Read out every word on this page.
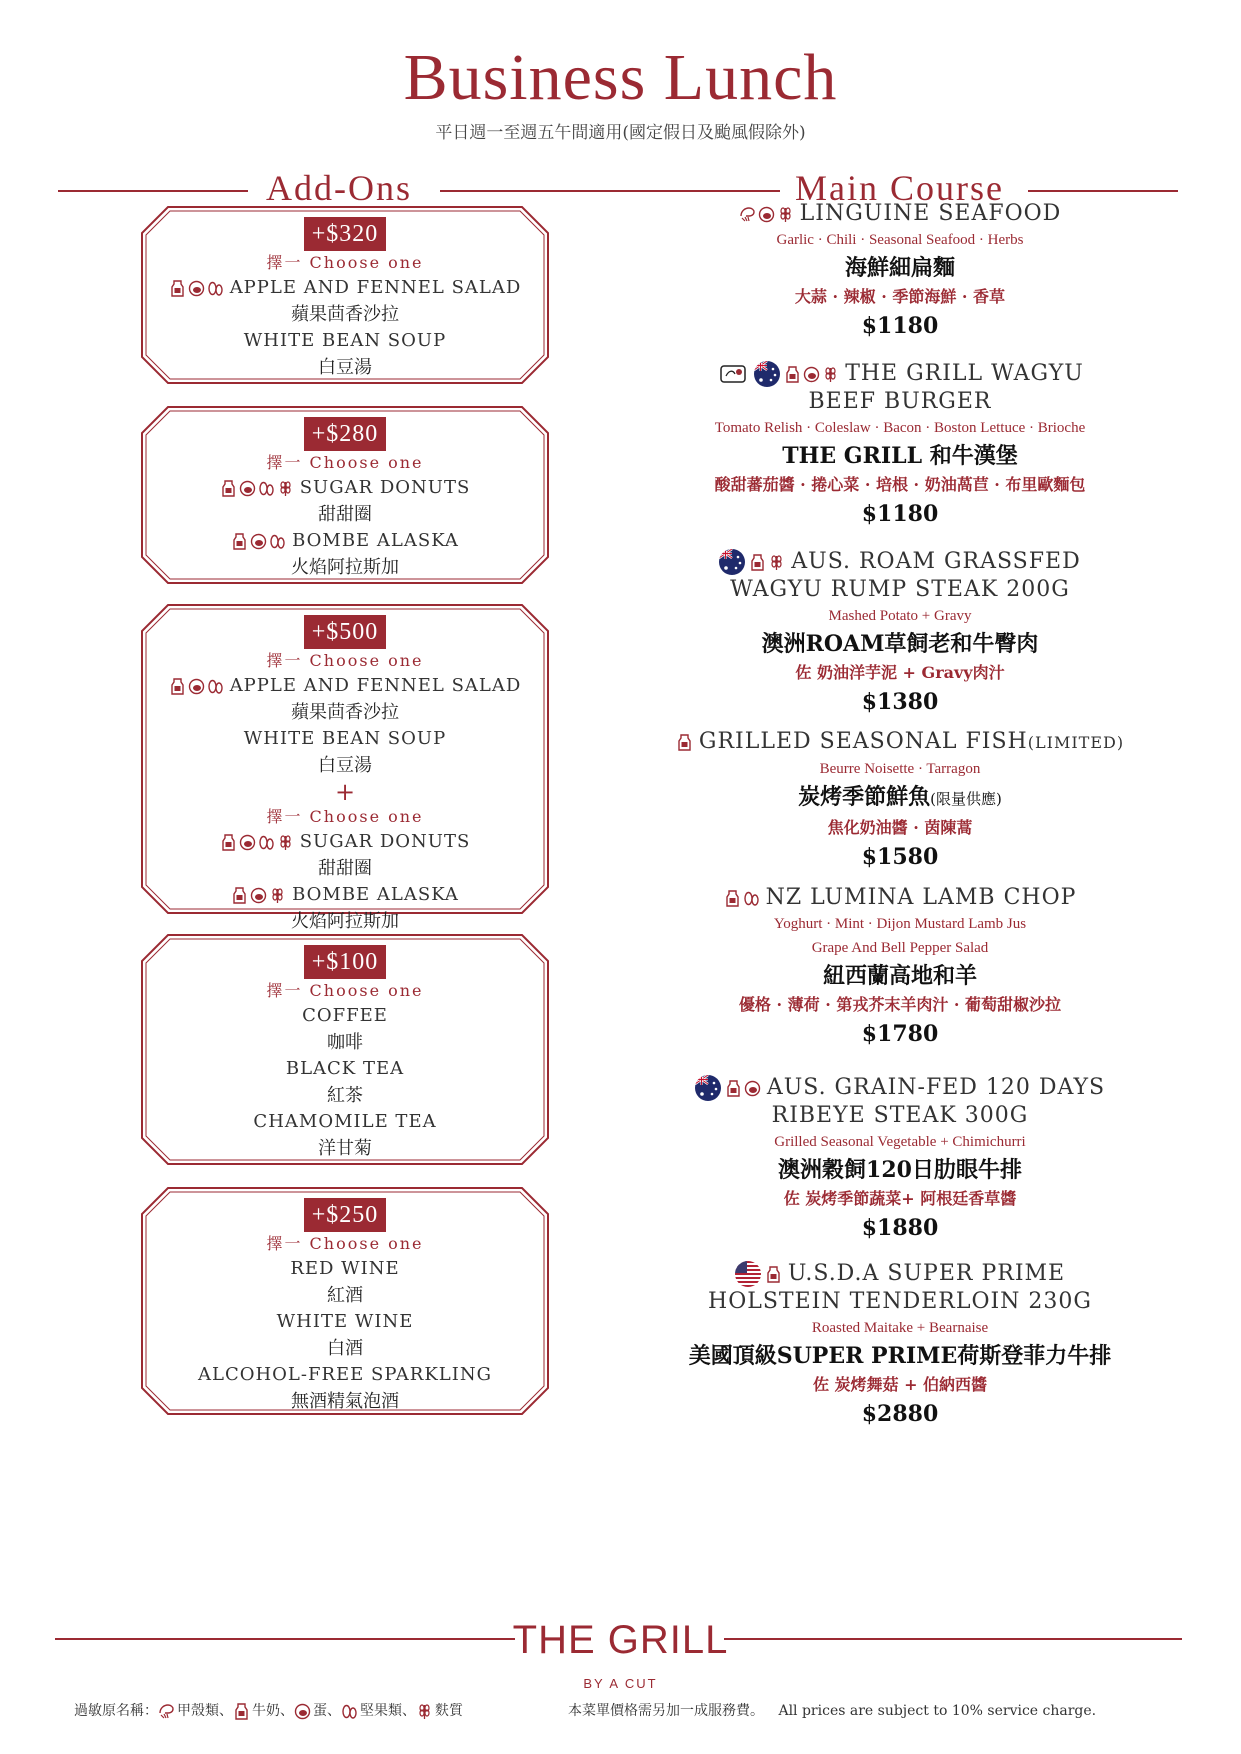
Business Lunch
平日週一至週五午間適用(國定假日及颱風假除外)
Add-Ons	Main Course
+$320
擇一 Choose one
APPLE AND FENNEL SALAD
蘋果茴香沙拉
WHITE BEAN SOUP
白豆湯
+$280
擇一 Choose one
SUGAR DONUTS
甜甜圈
BOMBE ALASKA
火焰阿拉斯加
+$500
擇一 Choose one
APPLE AND FENNEL SALAD
蘋果茴香沙拉
WHITE BEAN SOUP
白豆湯
+
擇一 Choose one
SUGAR DONUTS
甜甜圈
BOMBE ALASKA
火焰阿拉斯加
+$100
擇一 Choose one
COFFEE
咖啡
BLACK TEA
紅茶
CHAMOMILE TEA
洋甘菊
+$250
擇一 Choose one
RED WINE
紅酒
WHITE WINE
白酒
ALCOHOL-FREE SPARKLING
無酒精氣泡酒
LINGUINE SEAFOOD
Garlic · Chili · Seasonal Seafood · Herbs
海鮮細扁麵
大蒜 · 辣椒 · 季節海鮮 · 香草
$1180
THE GRILL WAGYU
BEEF BURGER
Tomato Relish · Coleslaw · Bacon · Boston Lettuce · Brioche
THE GRILL 和牛漢堡
酸甜蕃茄醬 · 捲心菜 · 培根 · 奶油萵苣 · 布里歐麵包
$1180
AUS. ROAM GRASSFED
WAGYU RUMP STEAK 200G
Mashed Potato + Gravy
澳洲ROAM草飼老和牛臀肉
佐 奶油洋芋泥 + Gravy肉汁
$1380
GRILLED SEASONAL FISH(LIMITED)
Beurre Noisette · Tarragon
炭烤季節鮮魚(限量供應)
焦化奶油醬 · 茵陳蒿
$1580
NZ LUMINA LAMB CHOP
Yoghurt · Mint · Dijon Mustard Lamb Jus
Grape And Bell Pepper Salad
紐西蘭高地和羊
優格 · 薄荷 · 第戎芥末羊肉汁 · 葡萄甜椒沙拉
$1780
AUS. GRAIN-FED 120 DAYS
RIBEYE STEAK 300G
Grilled Seasonal Vegetable + Chimichurri
澳洲穀飼120日肋眼牛排
佐 炭烤季節蔬菜+ 阿根廷香草醬
$1880
U.S.D.A SUPER PRIME
HOLSTEIN TENDERLOIN 230G
Roasted Maitake + Bearnaise
美國頂級SUPER PRIME荷斯登菲力牛排
佐 炭烤舞菇 + 伯納西醬
$2880
THE GRILL
BY A CUT
過敏原名稱： 甲殼類、 牛奶、 蛋、 堅果類、 麩質	本菜單價格需另加一成服務費。 All prices are subject to 10% service charge.
